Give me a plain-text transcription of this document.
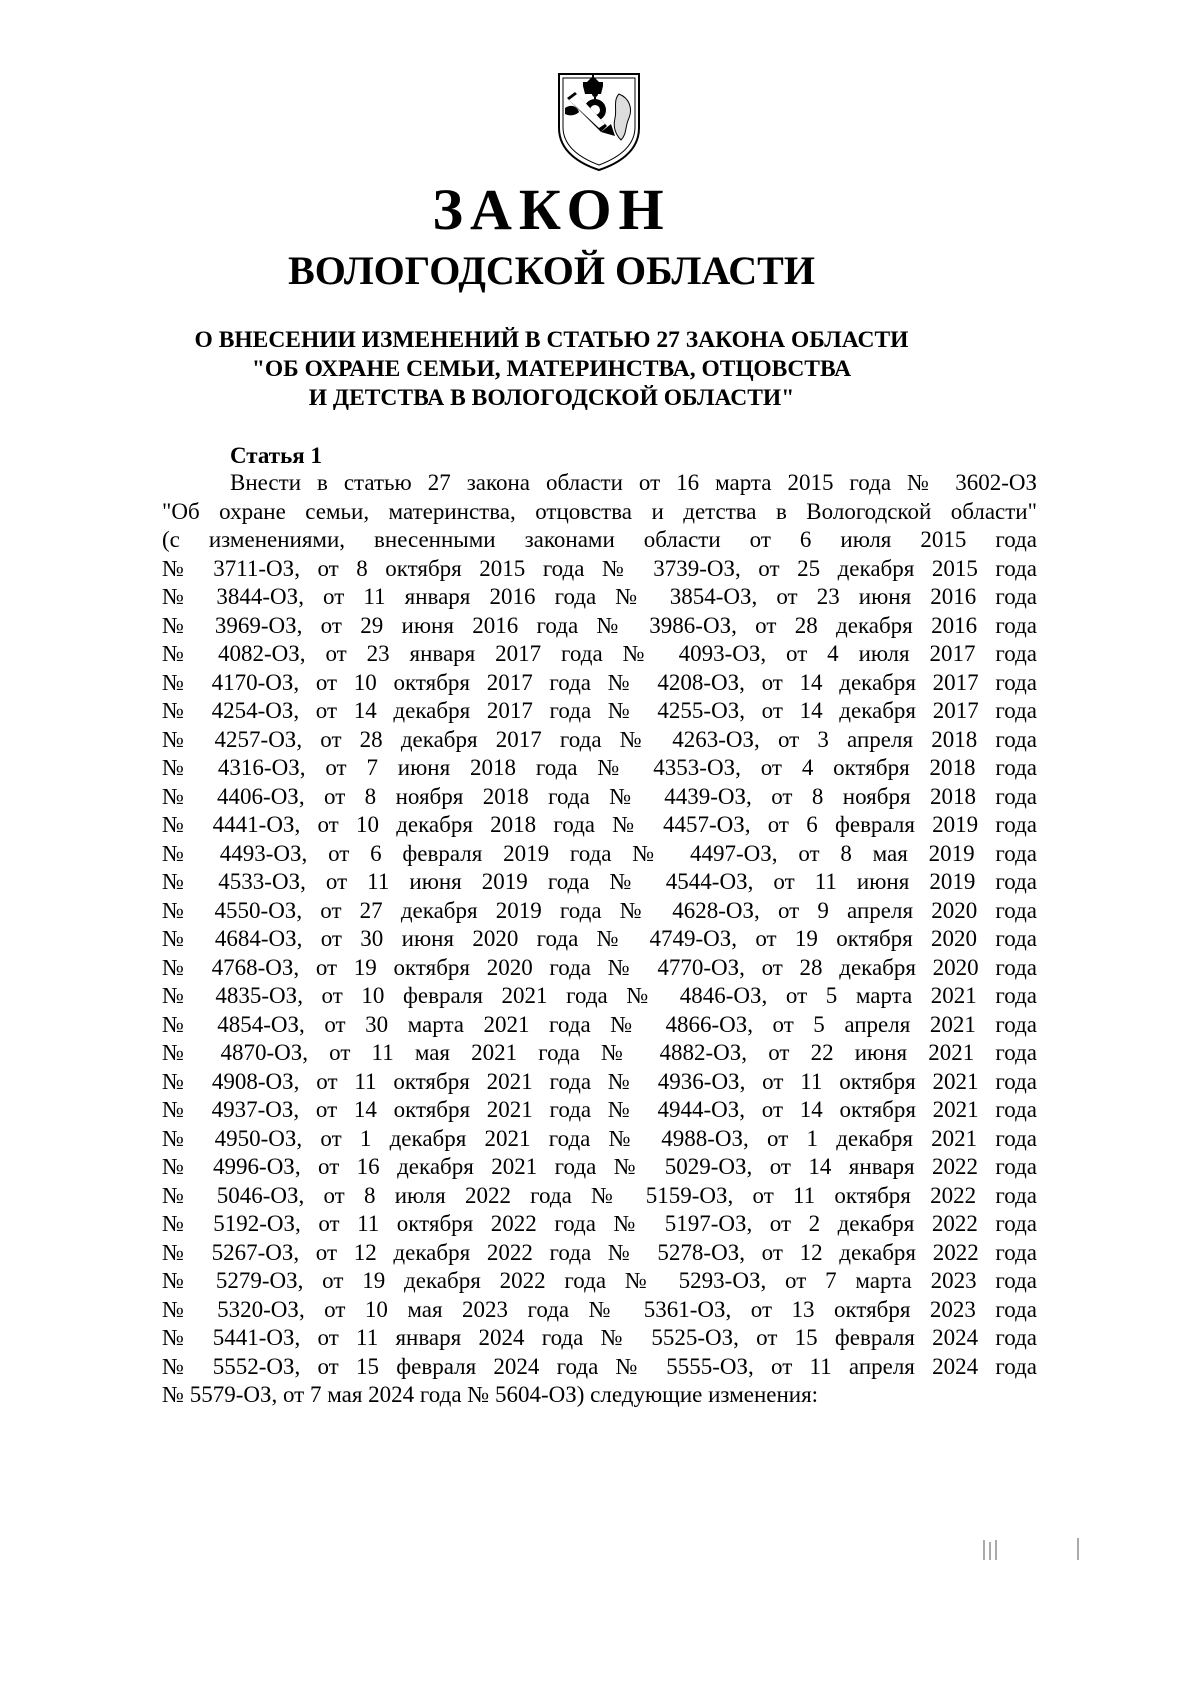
ЗАКОН
ВОЛОГОДСКОЙ ОБЛАСТИ
О ВНЕСЕНИИ ИЗМЕНЕНИЙ В СТАТЬЮ 27 ЗАКОНА ОБЛАСТИ
"ОБ ОХРАНЕ СЕМЬИ, МАТЕРИНСТВА, ОТЦОВСТВА
И ДЕТСТВА В ВОЛОГОДСКОЙ ОБЛАСТИ"
Статья 1
Внести в статью 27 закона области от 16 марта 2015 года № 3602-ОЗ
"Об охране семьи, материнства, отцовства и детства в Вологодской области"
(с изменениями, внесенными законами области от 6 июля 2015 года
№ 3711-ОЗ, от 8 октября 2015 года № 3739-ОЗ, от 25 декабря 2015 года
№ 3844-ОЗ, от 11 января 2016 года № 3854-ОЗ, от 23 июня 2016 года
№ 3969-ОЗ, от 29 июня 2016 года № 3986-ОЗ, от 28 декабря 2016 года
№ 4082-ОЗ, от 23 января 2017 года № 4093-ОЗ, от 4 июля 2017 года
№ 4170-ОЗ, от 10 октября 2017 года № 4208-ОЗ, от 14 декабря 2017 года
№ 4254-ОЗ, от 14 декабря 2017 года № 4255-ОЗ, от 14 декабря 2017 года
№ 4257-ОЗ, от 28 декабря 2017 года № 4263-ОЗ, от 3 апреля 2018 года
№ 4316-ОЗ, от 7 июня 2018 года № 4353-ОЗ, от 4 октября 2018 года
№ 4406-ОЗ, от 8 ноября 2018 года № 4439-ОЗ, от 8 ноября 2018 года
№ 4441-ОЗ, от 10 декабря 2018 года № 4457-ОЗ, от 6 февраля 2019 года
№ 4493-ОЗ, от 6 февраля 2019 года № 4497-ОЗ, от 8 мая 2019 года
№ 4533-ОЗ, от 11 июня 2019 года № 4544-ОЗ, от 11 июня 2019 года
№ 4550-ОЗ, от 27 декабря 2019 года № 4628-ОЗ, от 9 апреля 2020 года
№ 4684-ОЗ, от 30 июня 2020 года № 4749-ОЗ, от 19 октября 2020 года
№ 4768-ОЗ, от 19 октября 2020 года № 4770-ОЗ, от 28 декабря 2020 года
№ 4835-ОЗ, от 10 февраля 2021 года № 4846-ОЗ, от 5 марта 2021 года
№ 4854-ОЗ, от 30 марта 2021 года № 4866-ОЗ, от 5 апреля 2021 года
№ 4870-ОЗ, от 11 мая 2021 года № 4882-ОЗ, от 22 июня 2021 года
№ 4908-ОЗ, от 11 октября 2021 года № 4936-ОЗ, от 11 октября 2021 года
№ 4937-ОЗ, от 14 октября 2021 года № 4944-ОЗ, от 14 октября 2021 года
№ 4950-ОЗ, от 1 декабря 2021 года № 4988-ОЗ, от 1 декабря 2021 года
№ 4996-ОЗ, от 16 декабря 2021 года № 5029-ОЗ, от 14 января 2022 года
№ 5046-ОЗ, от 8 июля 2022 года № 5159-ОЗ, от 11 октября 2022 года
№ 5192-ОЗ, от 11 октября 2022 года № 5197-ОЗ, от 2 декабря 2022 года
№ 5267-ОЗ, от 12 декабря 2022 года № 5278-ОЗ, от 12 декабря 2022 года
№ 5279-ОЗ, от 19 декабря 2022 года № 5293-ОЗ, от 7 марта 2023 года
№ 5320-ОЗ, от 10 мая 2023 года № 5361-ОЗ, от 13 октября 2023 года
№ 5441-ОЗ, от 11 января 2024 года № 5525-ОЗ, от 15 февраля 2024 года
№ 5552-ОЗ, от 15 февраля 2024 года № 5555-ОЗ, от 11 апреля 2024 года
№ 5579-ОЗ, от 7 мая 2024 года № 5604-ОЗ) следующие изменения:
